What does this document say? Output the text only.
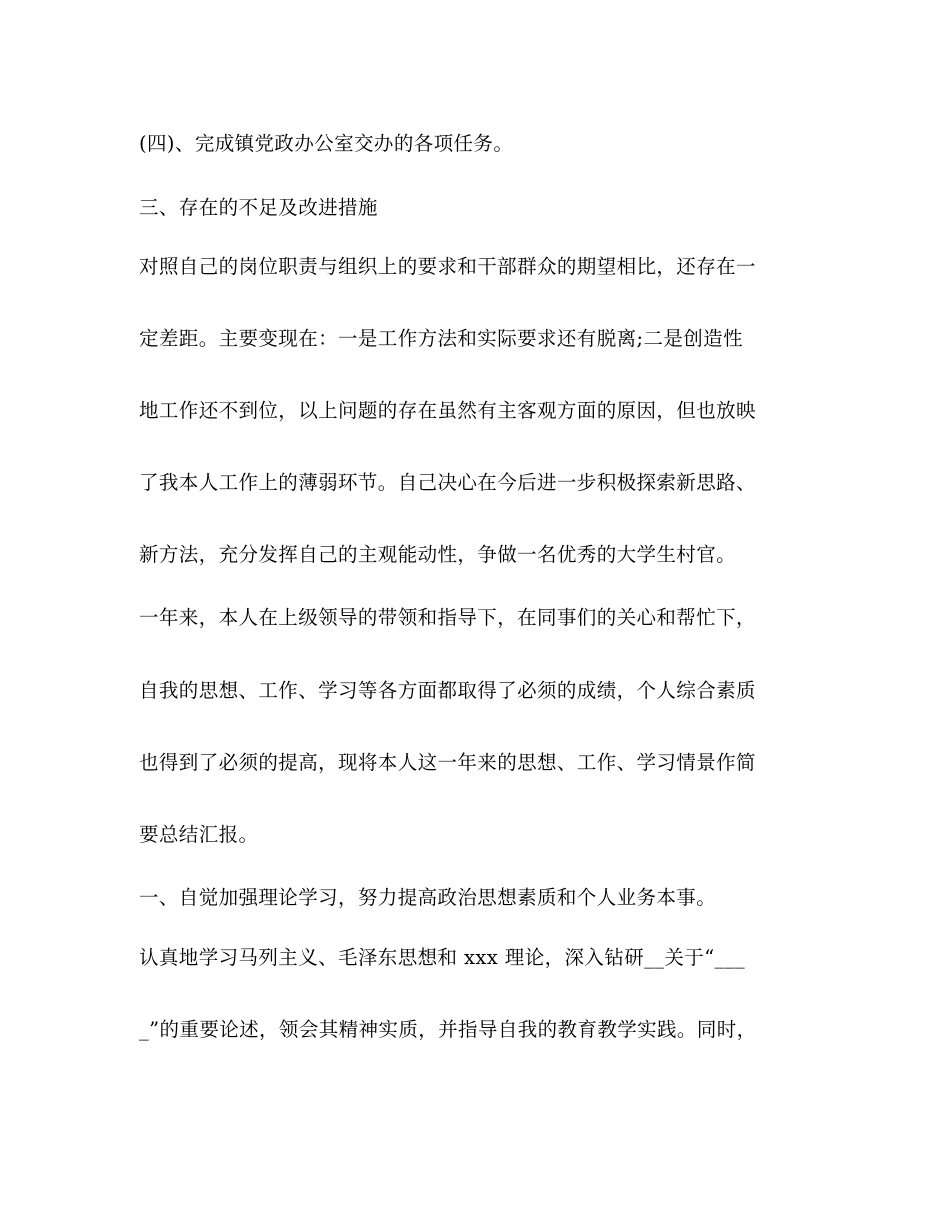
(四)、完成镇党政办公室交办的各项任务。
三、存在的不足及改进措施
对照自己的岗位职责与组织上的要求和干部群众的期望相比，还存在一
定差距。主要变现在：一是工作方法和实际要求还有脱离;二是创造性
地工作还不到位，以上问题的存在虽然有主客观方面的原因，但也放映
了我本人工作上的薄弱环节。自己决心在今后进一步积极探索新思路、
新方法，充分发挥自己的主观能动性，争做一名优秀的大学生村官。
一年来，本人在上级领导的带领和指导下，在同事们的关心和帮忙下，
自我的思想、工作、学习等各方面都取得了必须的成绩，个人综合素质
也得到了必须的提高，现将本人这一年来的思想、工作、学习情景作简
要总结汇报。
一、自觉加强理论学习，努力提高政治思想素质和个人业务本事。
认真地学习马列主义、毛泽东思想和 xxx 理论，深入钻研__关于“___
_”的重要论述，领会其精神实质，并指导自我的教育教学实践。同时，
